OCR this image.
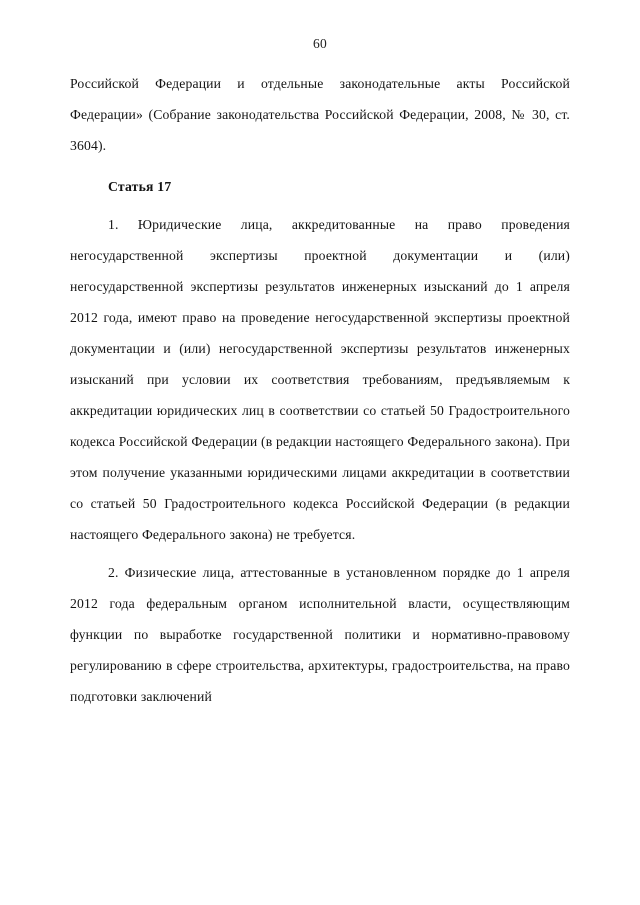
60

Российской Федерации и отдельные законодательные акты Российской Федерации» (Собрание законодательства Российской Федерации, 2008, № 30, ст. 3604).

Статья 17

1. Юридические лица, аккредитованные на право проведения негосударственной экспертизы проектной документации и (или) негосударственной экспертизы результатов инженерных изысканий до 1 апреля 2012 года, имеют право на проведение негосударственной экспертизы проектной документации и (или) негосударственной экспертизы результатов инженерных изысканий при условии их соответствия требованиям, предъявляемым к аккредитации юридических лиц в соответствии со статьей 50 Градостроительного кодекса Российской Федерации (в редакции настоящего Федерального закона). При этом получение указанными юридическими лицами аккредитации в соответствии со статьей 50 Градостроительного кодекса Российской Федерации (в редакции настоящего Федерального закона) не требуется.

2. Физические лица, аттестованные в установленном порядке до 1 апреля 2012 года федеральным органом исполнительной власти, осуществляющим функции по выработке государственной политики и нормативно-правовому регулированию в сфере строительства, архитектуры, градостроительства, на право подготовки заключений
